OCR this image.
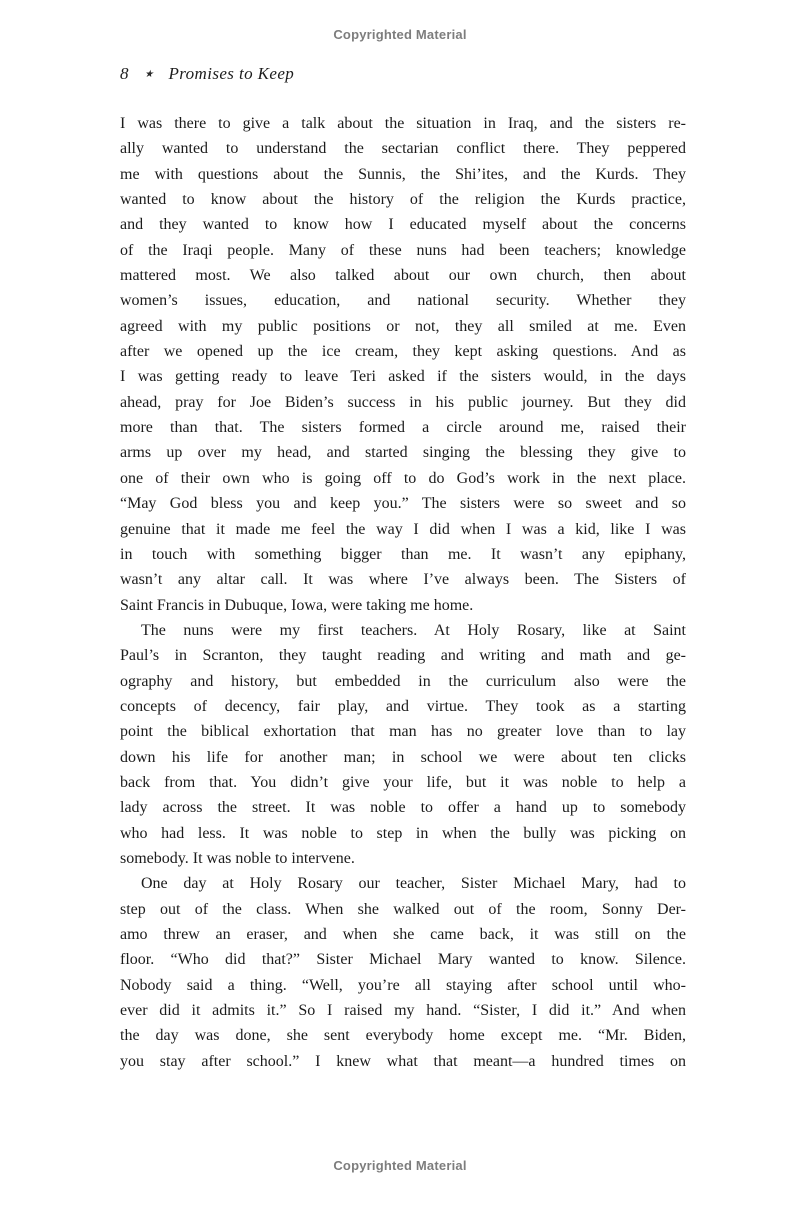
Copyrighted Material
8 ★ Promises to Keep
I was there to give a talk about the situation in Iraq, and the sisters re-
ally wanted to understand the sectarian conflict there. They peppered
me with questions about the Sunnis, the Shi’ites, and the Kurds. They
wanted to know about the history of the religion the Kurds practice,
and they wanted to know how I educated myself about the concerns
of the Iraqi people. Many of these nuns had been teachers; knowledge
mattered most. We also talked about our own church, then about
women’s issues, education, and national security. Whether they
agreed with my public positions or not, they all smiled at me. Even
after we opened up the ice cream, they kept asking questions. And as
I was getting ready to leave Teri asked if the sisters would, in the days
ahead, pray for Joe Biden’s success in his public journey. But they did
more than that. The sisters formed a circle around me, raised their
arms up over my head, and started singing the blessing they give to
one of their own who is going off to do God’s work in the next place.
“May God bless you and keep you.” The sisters were so sweet and so
genuine that it made me feel the way I did when I was a kid, like I was
in touch with something bigger than me. It wasn’t any epiphany,
wasn’t any altar call. It was where I’ve always been. The Sisters of
Saint Francis in Dubuque, Iowa, were taking me home.
The nuns were my first teachers. At Holy Rosary, like at Saint
Paul’s in Scranton, they taught reading and writing and math and ge-
ography and history, but embedded in the curriculum also were the
concepts of decency, fair play, and virtue. They took as a starting
point the biblical exhortation that man has no greater love than to lay
down his life for another man; in school we were about ten clicks
back from that. You didn’t give your life, but it was noble to help a
lady across the street. It was noble to offer a hand up to somebody
who had less. It was noble to step in when the bully was picking on
somebody. It was noble to intervene.
One day at Holy Rosary our teacher, Sister Michael Mary, had to
step out of the class. When she walked out of the room, Sonny Der-
amo threw an eraser, and when she came back, it was still on the
floor. “Who did that?” Sister Michael Mary wanted to know. Silence.
Nobody said a thing. “Well, you’re all staying after school until who-
ever did it admits it.” So I raised my hand. “Sister, I did it.” And when
the day was done, she sent everybody home except me. “Mr. Biden,
you stay after school.” I knew what that meant—a hundred times on
Copyrighted Material
